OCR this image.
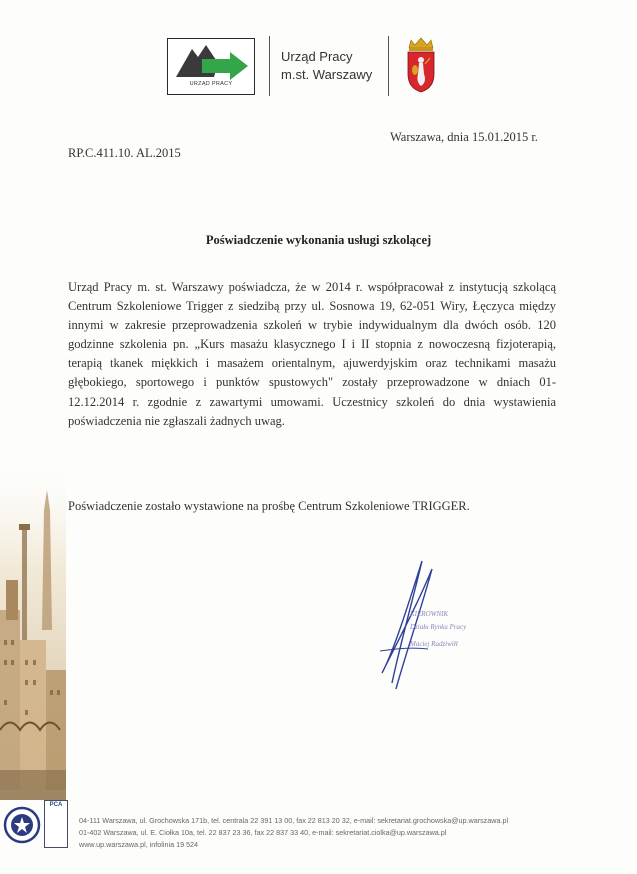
URZĄD PRACY
Urząd Pracy
m.st. Warszawy
Warszawa, dnia 15.01.2015 r.
RP.C.411.10. AL.2015
Poświadczenie wykonania usługi szkolącej
Urząd Pracy m. st. Warszawy poświadcza, że w 2014 r. współpracował z instytucją szkolącą
Centrum Szkoleniowe Trigger z siedzibą przy ul. Sosnowa 19, 62-051 Wiry, Łęczyca między
innymi w zakresie przeprowadzenia szkoleń w trybie indywidualnym dla dwóch osób. 120
godzinne szkolenia pn. „Kurs masażu klasycznego I i II stopnia z nowoczesną fizjoterapią,
terapią tkanek miękkich i masażem orientalnym, ajuwerdyjskim oraz technikami masażu
głębokiego, sportowego i punktów spustowych" zostały przeprowadzone w dniach 01-
12.12.2014 r. zgodnie z zawartymi umowami. Uczestnicy szkoleń do dnia wystawienia
poświadczenia nie zgłaszali żadnych uwag.
Poświadczenie zostało wystawione na prośbę Centrum Szkoleniowe TRIGGER.
KIEROWNIK
Działu Rynku Pracy
Maciej Radziwiłł
PCA
04-111 Warszawa, ul. Grochowska 171b, tel. centrala 22 391 13 00, fax 22 813 20 32, e-mail: sekretariat.grochowska@up.warszawa.pl
01-402 Warszawa, ul. E. Ciołka 10a, tel. 22 837 23 36, fax 22 837 33 40, e-mail: sekretariat.ciolka@up.warszawa.pl
www.up.warszawa.pl, infolinia 19 524
